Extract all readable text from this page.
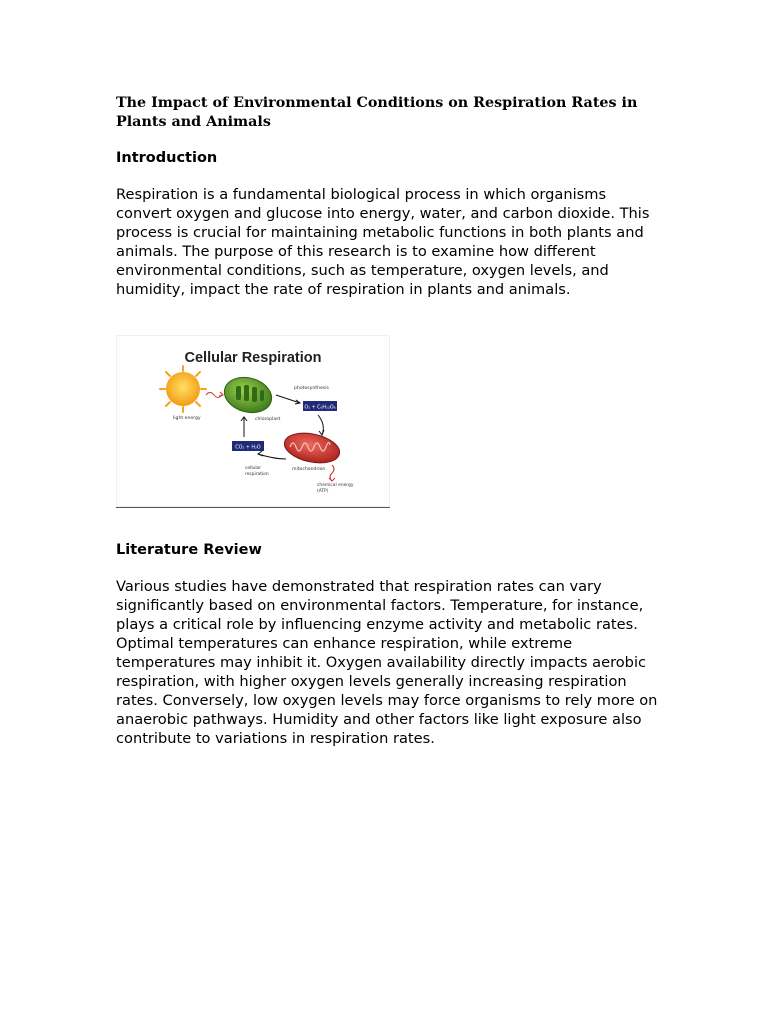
The Impact of Environmental Conditions on Respiration Rates in Plants and Animals
Introduction

Respiration is a fundamental biological process in which organisms convert oxygen and glucose into energy, water, and carbon dioxide. This process is crucial for maintaining metabolic functions in both plants and animals. The purpose of this research is to examine how different environmental conditions, such as temperature, oxygen levels, and humidity, impact the rate of respiration in plants and animals.

Cellular Respiration
light energy	chloroplast
photosynthesis
O₂ + C₆H₁₂O₆
mitochondrion
chemical energy
(ATP)
CO₂ + H₂O
cellular
respiration
Literature Review

Various studies have demonstrated that respiration rates can vary significantly based on environmental factors. Temperature, for instance, plays a critical role by influencing enzyme activity and metabolic rates. Optimal temperatures can enhance respiration, while extreme temperatures may inhibit it. Oxygen availability directly impacts aerobic respiration, with higher oxygen levels generally increasing respiration rates. Conversely, low oxygen levels may force organisms to rely more on anaerobic pathways. Humidity and other factors like light exposure also contribute to variations in respiration rates.
